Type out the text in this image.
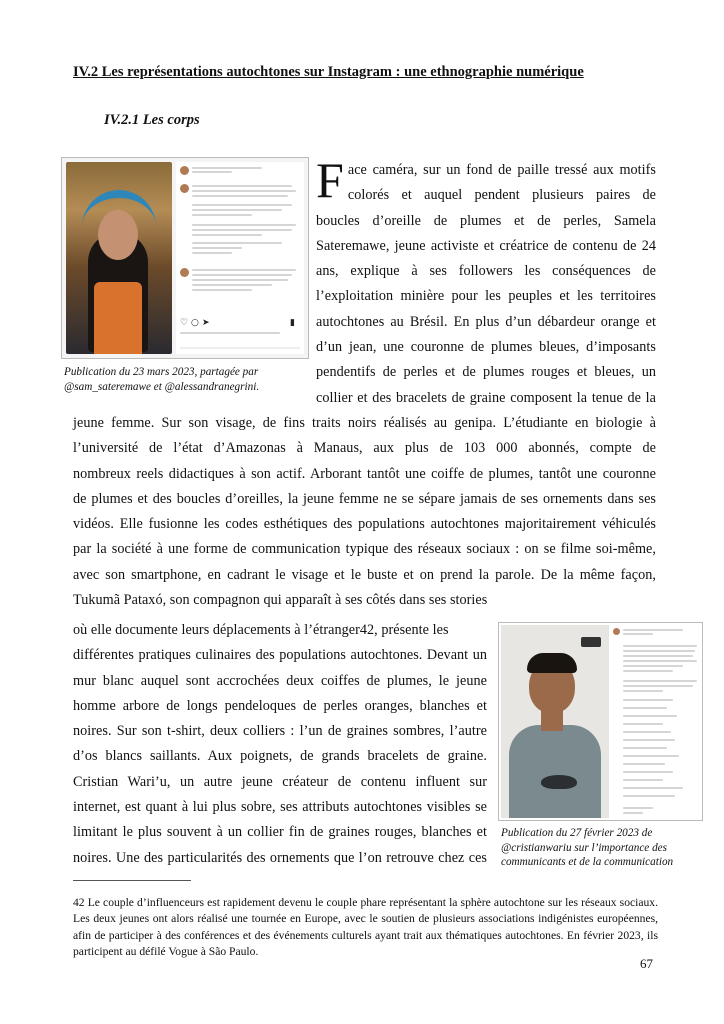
IV.2 Les représentations autochtones sur Instagram : une ethnographie numérique
IV.2.1 Les corps
♡ ○ ➤	▮
Publication du 23 mars 2023, partagée par
@sam_sateremawe et @alessandranegrini.
F ace caméra, sur un fond de paille tressé aux motifs
colorés et auquel pendent plusieurs paires de
boucles d’oreille de plumes et de perles, Samela
Sateremawe, jeune activiste et créatrice de contenu de 24
ans, explique à ses followers les conséquences de
l’exploitation minière pour les peuples et les territoires
autochtones au Brésil. En plus d’un débardeur orange et
d’un jean, une couronne de plumes bleues, d’imposants
pendentifs de perles et de plumes rouges et bleues, un
collier et des bracelets de graine composent la tenue de la
jeune femme. Sur son visage, de fins traits noirs réalisés au genipa. L’étudiante en biologie à
l’université de l’état d’Amazonas à Manaus, aux plus de 103 000 abonnés, compte de
nombreux reels didactiques à son actif. Arborant tantôt une coiffe de plumes, tantôt une couronne
de plumes et des boucles d’oreilles, la jeune femme ne se sépare jamais de ses ornements dans ses
vidéos. Elle fusionne les codes esthétiques des populations autochtones majoritairement véhiculés
par la société à une forme de communication typique des réseaux sociaux : on se filme soi-même,
avec son smartphone, en cadrant le visage et le buste et on prend la parole. De la même façon,
Tukumã Pataxó, son compagnon qui apparaît à ses côtés dans ses stories
où elle documente leurs déplacements à l’étranger42, présente les
différentes pratiques culinaires des populations autochtones. Devant un
mur blanc auquel sont accrochées deux coiffes de plumes, le jeune
homme arbore de longs pendeloques de perles oranges, blanches et
noires. Sur son t-shirt, deux colliers : l’un de graines sombres, l’autre
d’os blancs saillants. Aux poignets, de grands bracelets de graine.
Cristian Wari’u, un autre jeune créateur de contenu influent sur
internet, est quant à lui plus sobre, ses attributs autochtones visibles se
limitant le plus souvent à un collier fin de graines rouges, blanches et
noires. Une des particularités des ornements que l’on retrouve chez ces
Publication du 27 février 2023 de
@cristianwariu sur l’importance des
communicants et de la communication
42 Le couple d’influenceurs est rapidement devenu le couple phare représentant la sphère autochtone sur les réseaux sociaux. Les deux jeunes ont alors réalisé une tournée en Europe, avec le soutien de plusieurs associations indigénistes européennes, afin de participer à des conférences et des événements culturels ayant trait aux thématiques autochtones. En février 2023, ils participent au défilé Vogue à São Paulo.
67
